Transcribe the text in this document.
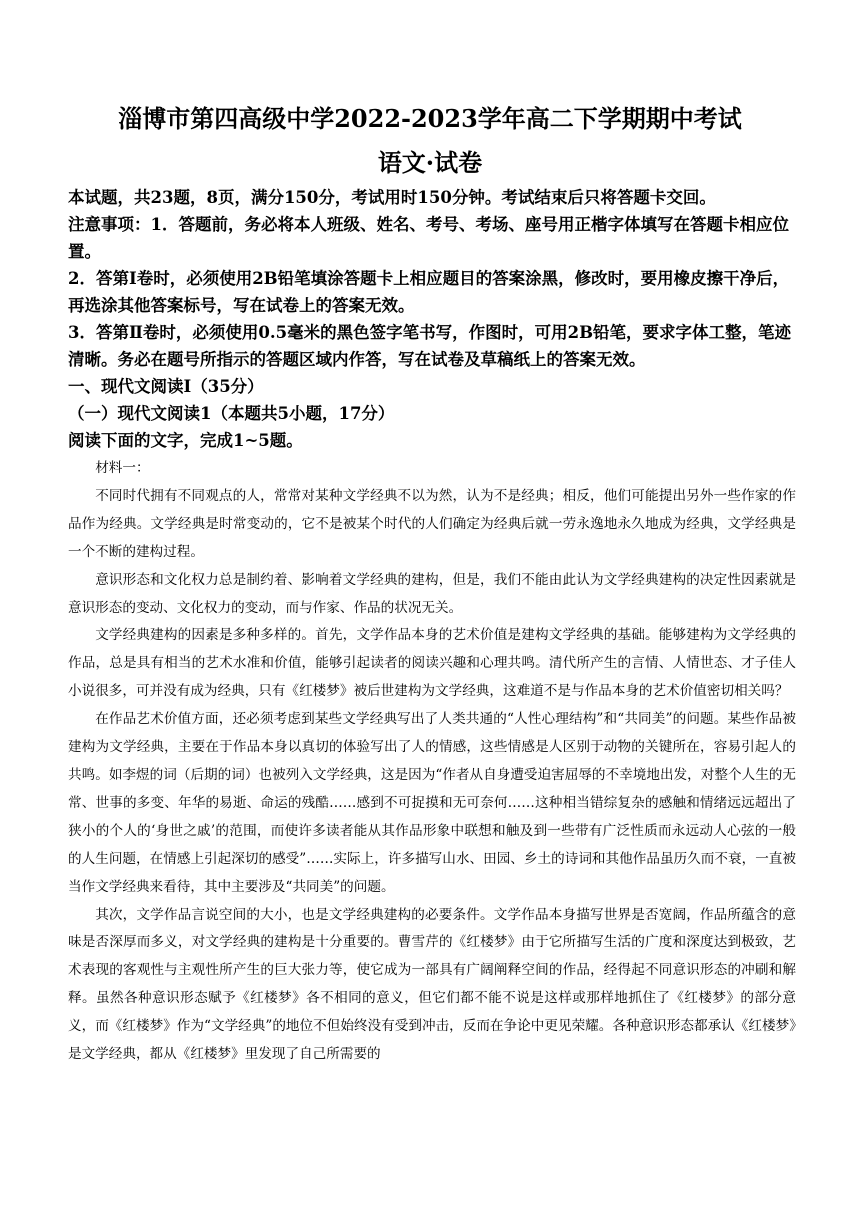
淄博市第四高级中学2022-2023学年高二下学期期中考试
语文·试卷
本试题，共23题，8页，满分150分，考试用时150分钟。考试结束后只将答题卡交回。
注意事项：1．答题前，务必将本人班级、姓名、考号、考场、座号用正楷字体填写在答题卡相应位置。
2．答第Ⅰ卷时，必须使用2B铅笔填涂答题卡上相应题目的答案涂黑，修改时，要用橡皮擦干净后，再选涂其他答案标号，写在试卷上的答案无效。
3．答第Ⅱ卷时，必须使用0.5毫米的黑色签字笔书写，作图时，可用2B铅笔，要求字体工整，笔迹清晰。务必在题号所指示的答题区域内作答，写在试卷及草稿纸上的答案无效。
一、现代文阅读Ⅰ（35分）
（一）现代文阅读1（本题共5小题，17分）
阅读下面的文字，完成1~5题。

材料一：

不同时代拥有不同观点的人，常常对某种文学经典不以为然，认为不是经典；相反，他们可能提出另外一些作家的作品作为经典。文学经典是时常变动的，它不是被某个时代的人们确定为经典后就一劳永逸地永久地成为经典，文学经典是一个不断的建构过程。

意识形态和文化权力总是制约着、影响着文学经典的建构，但是，我们不能由此认为文学经典建构的决定性因素就是意识形态的变动、文化权力的变动，而与作家、作品的状况无关。

文学经典建构的因素是多种多样的。首先，文学作品本身的艺术价值是建构文学经典的基础。能够建构为文学经典的作品，总是具有相当的艺术水准和价值，能够引起读者的阅读兴趣和心理共鸣。清代所产生的言情、人情世态、才子佳人小说很多，可并没有成为经典，只有《红楼梦》被后世建构为文学经典，这难道不是与作品本身的艺术价值密切相关吗？

在作品艺术价值方面，还必须考虑到某些文学经典写出了人类共通的“人性心理结构”和“共同美”的问题。某些作品被建构为文学经典，主要在于作品本身以真切的体验写出了人的情感，这些情感是人区别于动物的关键所在，容易引起人的共鸣。如李煜的词（后期的词）也被列入文学经典，这是因为“作者从自身遭受迫害屈辱的不幸境地出发，对整个人生的无常、世事的多变、年华的易逝、命运的残酷……感到不可捉摸和无可奈何……这种相当错综复杂的感触和情绪远远超出了狭小的个人的‘身世之戚’的范围，而使许多读者能从其作品形象中联想和触及到一些带有广泛性质而永远动人心弦的一般的人生问题，在情感上引起深切的感受”……实际上，许多描写山水、田园、乡土的诗词和其他作品虽历久而不衰，一直被当作文学经典来看待，其中主要涉及“共同美”的问题。

其次，文学作品言说空间的大小，也是文学经典建构的必要条件。文学作品本身描写世界是否宽阔，作品所蕴含的意味是否深厚而多义，对文学经典的建构是十分重要的。曹雪芹的《红楼梦》由于它所描写生活的广度和深度达到极致，艺术表现的客观性与主观性所产生的巨大张力等，使它成为一部具有广阔阐释空间的作品，经得起不同意识形态的冲刷和解释。虽然各种意识形态赋予《红楼梦》各不相同的意义，但它们都不能不说是这样或那样地抓住了《红楼梦》的部分意义，而《红楼梦》作为“文学经典”的地位不但始终没有受到冲击，反而在争论中更见荣耀。各种意识形态都承认《红楼梦》是文学经典，都从《红楼梦》里发现了自己所需要的
